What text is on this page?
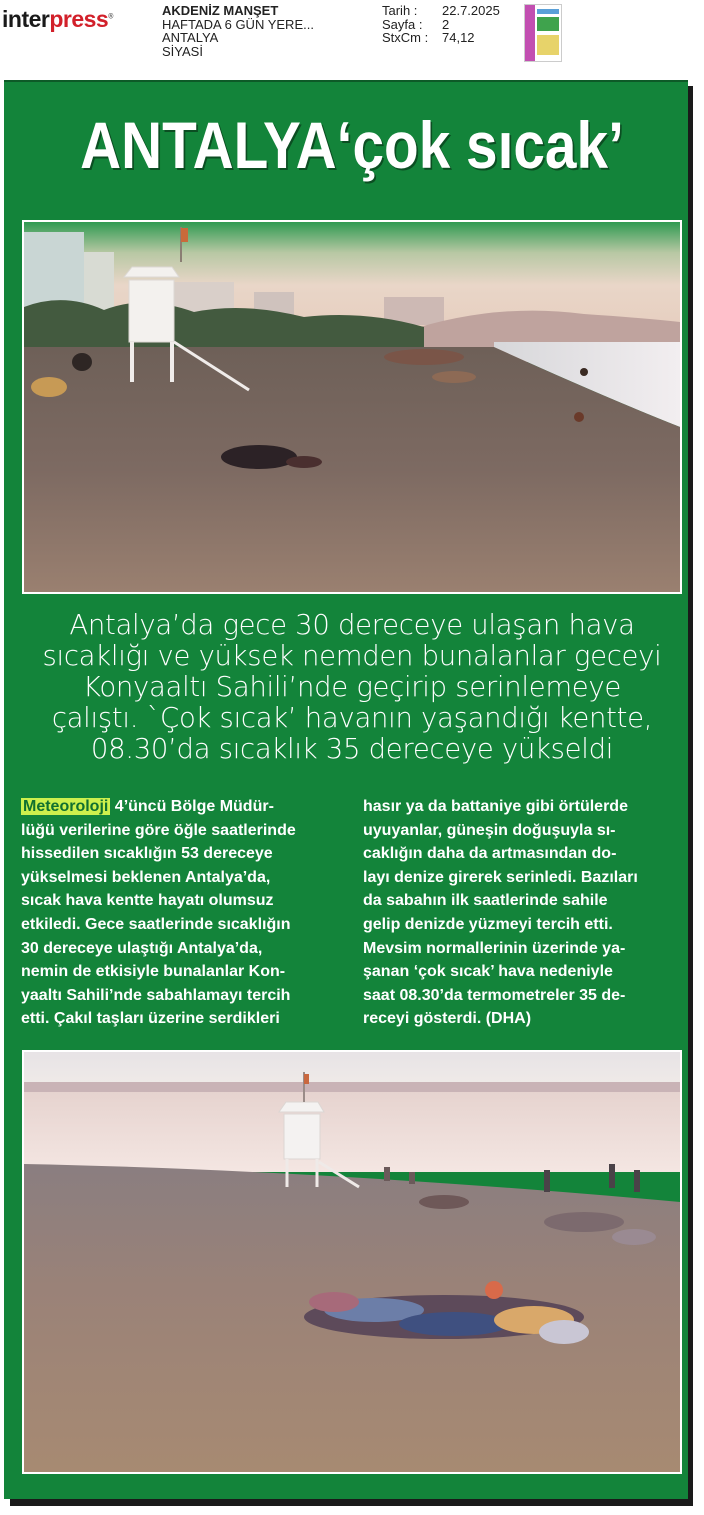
interpress®	AKDENİZ MANŞET
HAFTADA 6 GÜN YERE...
ANTALYA
SİYASİ
Tarih :	22.7.2025
Sayfa :	2
StxCm :	74,12
ANTALYA‘çok sıcak’
Antalya’da gece 30 dereceye ulaşan hava
sıcaklığı ve yüksek nemden bunalanlar geceyi
Konyaaltı Sahili’nde geçirip serinlemeye
çalıştı. `Çok sıcak’ havanın yaşandığı kentte,
08.30’da sıcaklık 35 dereceye yükseldi
Meteoroloji 4’üncü Bölge Müdür-
lüğü verilerine göre öğle saatlerinde
hissedilen sıcaklığın 53 dereceye
yükselmesi beklenen Antalya’da,
sıcak hava kentte hayatı olumsuz
etkiledi. Gece saatlerinde sıcaklığın
30 dereceye ulaştığı Antalya’da,
nemin de etkisiyle bunalanlar Kon-
yaaltı Sahili’nde sabahlamayı tercih
etti. Çakıl taşları üzerine serdikleri
hasır ya da battaniye gibi örtülerde
uyuyanlar, güneşin doğuşuyla sı-
caklığın daha da artmasından do-
layı denize girerek serinledi. Bazıları
da sabahın ilk saatlerinde sahile
gelip denizde yüzmeyi tercih etti.
Mevsim normallerinin üzerinde ya-
şanan ‘çok sıcak’ hava nedeniyle
saat 08.30’da termometreler 35 de-
receyi gösterdi. (DHA)
